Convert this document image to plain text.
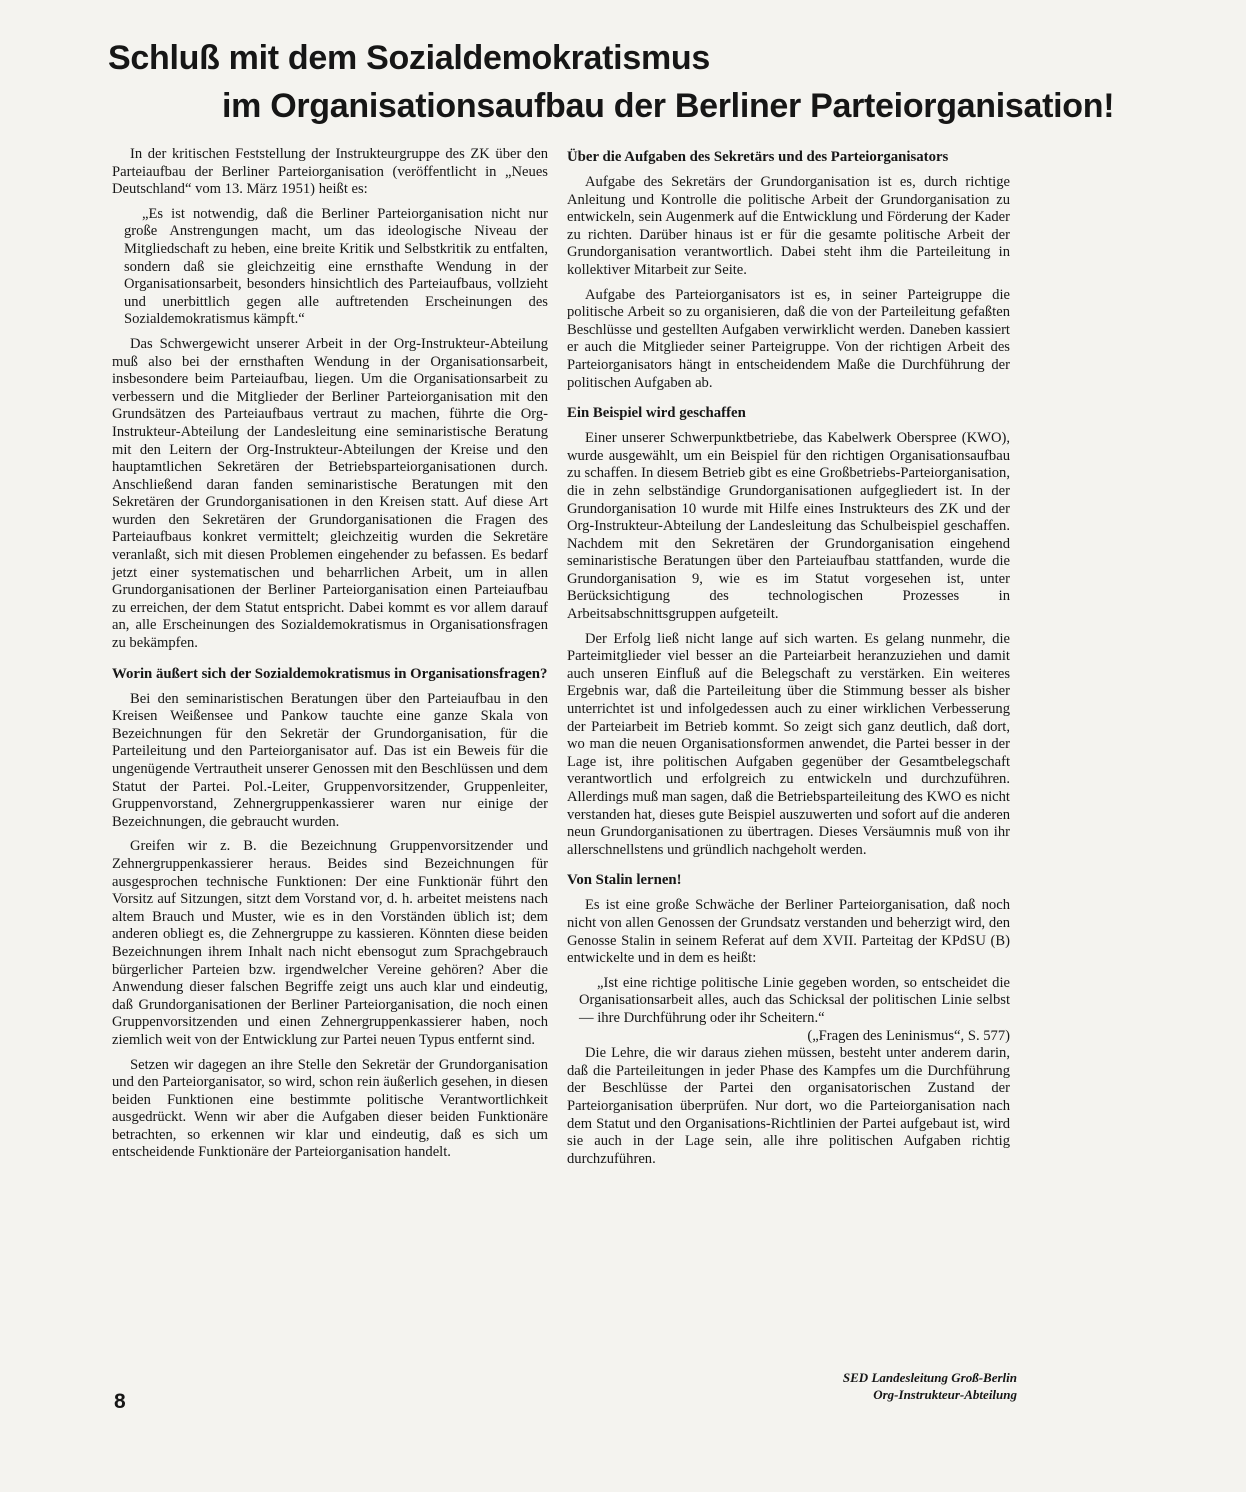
Schluß mit dem Sozialdemokratismus
im Organisationsaufbau der Berliner Parteiorganisation!

In der kritischen Feststellung der Instrukteurgruppe des ZK über den Parteiaufbau der Berliner Parteiorganisation (veröffentlicht in „Neues Deutschland“ vom 13. März 1951) heißt es:

„Es ist notwendig, daß die Berliner Parteiorganisation nicht nur große Anstrengungen macht, um das ideologische Niveau der Mitgliedschaft zu heben, eine breite Kritik und Selbstkritik zu entfalten, sondern daß sie gleichzeitig eine ernsthafte Wendung in der Organisationsarbeit, besonders hinsichtlich des Parteiaufbaus, vollzieht und unerbittlich gegen alle auftretenden Erscheinungen des Sozialdemokratismus kämpft.“

Das Schwergewicht unserer Arbeit in der Org-Instrukteur-Abteilung muß also bei der ernsthaften Wendung in der Organisationsarbeit, insbesondere beim Parteiaufbau, liegen. Um die Organisationsarbeit zu verbessern und die Mitglieder der Berliner Parteiorganisation mit den Grundsätzen des Parteiaufbaus vertraut zu machen, führte die Org-Instrukteur-Abteilung der Landesleitung eine seminaristische Beratung mit den Leitern der Org-Instrukteur-Abteilungen der Kreise und den hauptamtlichen Sekretären der Betriebsparteiorganisationen durch. Anschließend daran fanden seminaristische Beratungen mit den Sekretären der Grundorganisationen in den Kreisen statt. Auf diese Art wurden den Sekretären der Grundorganisationen die Fragen des Parteiaufbaus konkret vermittelt; gleichzeitig wurden die Sekretäre veranlaßt, sich mit diesen Problemen eingehender zu befassen. Es bedarf jetzt einer systematischen und beharrlichen Arbeit, um in allen Grundorganisationen der Berliner Parteiorganisation einen Parteiaufbau zu erreichen, der dem Statut entspricht. Dabei kommt es vor allem darauf an, alle Erscheinungen des Sozialdemokratismus in Organisationsfragen zu bekämpfen.

Worin äußert sich der Sozialdemokratismus in Organisationsfragen?

Bei den seminaristischen Beratungen über den Parteiaufbau in den Kreisen Weißensee und Pankow tauchte eine ganze Skala von Bezeichnungen für den Sekretär der Grundorganisation, für die Parteileitung und den Parteiorganisator auf. Das ist ein Beweis für die ungenügende Vertrautheit unserer Genossen mit den Beschlüssen und dem Statut der Partei. Pol.-Leiter, Gruppenvorsitzender, Gruppenleiter, Gruppenvorstand, Zehnergruppenkassierer waren nur einige der Bezeichnungen, die gebraucht wurden.

Greifen wir z. B. die Bezeichnung Gruppenvorsitzender und Zehnergruppenkassierer heraus. Beides sind Bezeichnungen für ausgesprochen technische Funktionen: Der eine Funktionär führt den Vorsitz auf Sitzungen, sitzt dem Vorstand vor, d. h. arbeitet meistens nach altem Brauch und Muster, wie es in den Vorständen üblich ist; dem anderen obliegt es, die Zehnergruppe zu kassieren. Könnten diese beiden Bezeichnungen ihrem Inhalt nach nicht ebensogut zum Sprachgebrauch bürgerlicher Parteien bzw. irgendwelcher Vereine gehören? Aber die Anwendung dieser falschen Begriffe zeigt uns auch klar und eindeutig, daß Grundorganisationen der Berliner Parteiorganisation, die noch einen Gruppenvorsitzenden und einen Zehnergruppenkassierer haben, noch ziemlich weit von der Entwicklung zur Partei neuen Typus entfernt sind.

Setzen wir dagegen an ihre Stelle den Sekretär der Grundorganisation und den Parteiorganisator, so wird, schon rein äußerlich gesehen, in diesen beiden Funktionen eine bestimmte politische Verantwortlichkeit ausgedrückt. Wenn wir aber die Aufgaben dieser beiden Funktionäre betrachten, so erkennen wir klar und eindeutig, daß es sich um entscheidende Funktionäre der Parteiorganisation handelt.

Über die Aufgaben des Sekretärs und des Parteiorganisators

Aufgabe des Sekretärs der Grundorganisation ist es, durch richtige Anleitung und Kontrolle die politische Arbeit der Grundorganisation zu entwickeln, sein Augenmerk auf die Entwicklung und Förderung der Kader zu richten. Darüber hinaus ist er für die gesamte politische Arbeit der Grundorganisation verantwortlich. Dabei steht ihm die Parteileitung in kollektiver Mitarbeit zur Seite.

Aufgabe des Parteiorganisators ist es, in seiner Parteigruppe die politische Arbeit so zu organisieren, daß die von der Parteileitung gefaßten Beschlüsse und gestellten Aufgaben verwirklicht werden. Daneben kassiert er auch die Mitglieder seiner Parteigruppe. Von der richtigen Arbeit des Parteiorganisators hängt in entscheidendem Maße die Durchführung der politischen Aufgaben ab.

Ein Beispiel wird geschaffen

Einer unserer Schwerpunktbetriebe, das Kabelwerk Oberspree (KWO), wurde ausgewählt, um ein Beispiel für den richtigen Organisationsaufbau zu schaffen. In diesem Betrieb gibt es eine Großbetriebs-Parteiorganisation, die in zehn selbständige Grundorganisationen aufgegliedert ist. In der Grundorganisation 10 wurde mit Hilfe eines Instrukteurs des ZK und der Org-Instrukteur-Abteilung der Landesleitung das Schulbeispiel geschaffen. Nachdem mit den Sekretären der Grundorganisation eingehend seminaristische Beratungen über den Parteiaufbau stattfanden, wurde die Grundorganisation 9, wie es im Statut vorgesehen ist, unter Berücksichtigung des technologischen Prozesses in Arbeitsabschnittsgruppen aufgeteilt.

Der Erfolg ließ nicht lange auf sich warten. Es gelang nunmehr, die Parteimitglieder viel besser an die Parteiarbeit heranzuziehen und damit auch unseren Einfluß auf die Belegschaft zu verstärken. Ein weiteres Ergebnis war, daß die Parteileitung über die Stimmung besser als bisher unterrichtet ist und infolgedessen auch zu einer wirklichen Verbesserung der Parteiarbeit im Betrieb kommt. So zeigt sich ganz deutlich, daß dort, wo man die neuen Organisationsformen anwendet, die Partei besser in der Lage ist, ihre politischen Aufgaben gegenüber der Gesamtbelegschaft verantwortlich und erfolgreich zu entwickeln und durchzuführen. Allerdings muß man sagen, daß die Betriebsparteileitung des KWO es nicht verstanden hat, dieses gute Beispiel auszuwerten und sofort auf die anderen neun Grundorganisationen zu übertragen. Dieses Versäumnis muß von ihr allerschnellstens und gründlich nachgeholt werden.

Von Stalin lernen!

Es ist eine große Schwäche der Berliner Parteiorganisation, daß noch nicht von allen Genossen der Grundsatz verstanden und beherzigt wird, den Genosse Stalin in seinem Referat auf dem XVII. Parteitag der KPdSU (B) entwickelte und in dem es heißt:

„Ist eine richtige politische Linie gegeben worden, so entscheidet die Organisationsarbeit alles, auch das Schicksal der politischen Linie selbst — ihre Durchführung oder ihr Scheitern.“
(„Fragen des Leninismus“, S. 577)

Die Lehre, die wir daraus ziehen müssen, besteht unter anderem darin, daß die Parteileitungen in jeder Phase des Kampfes um die Durchführung der Beschlüsse der Partei den organisatorischen Zustand der Parteiorganisation überprüfen. Nur dort, wo die Parteiorganisation nach dem Statut und den Organisations-Richtlinien der Partei aufgebaut ist, wird sie auch in der Lage sein, alle ihre politischen Aufgaben richtig durchzuführen.

SED Landesleitung Groß-Berlin
Org-Instrukteur-Abteilung
8
